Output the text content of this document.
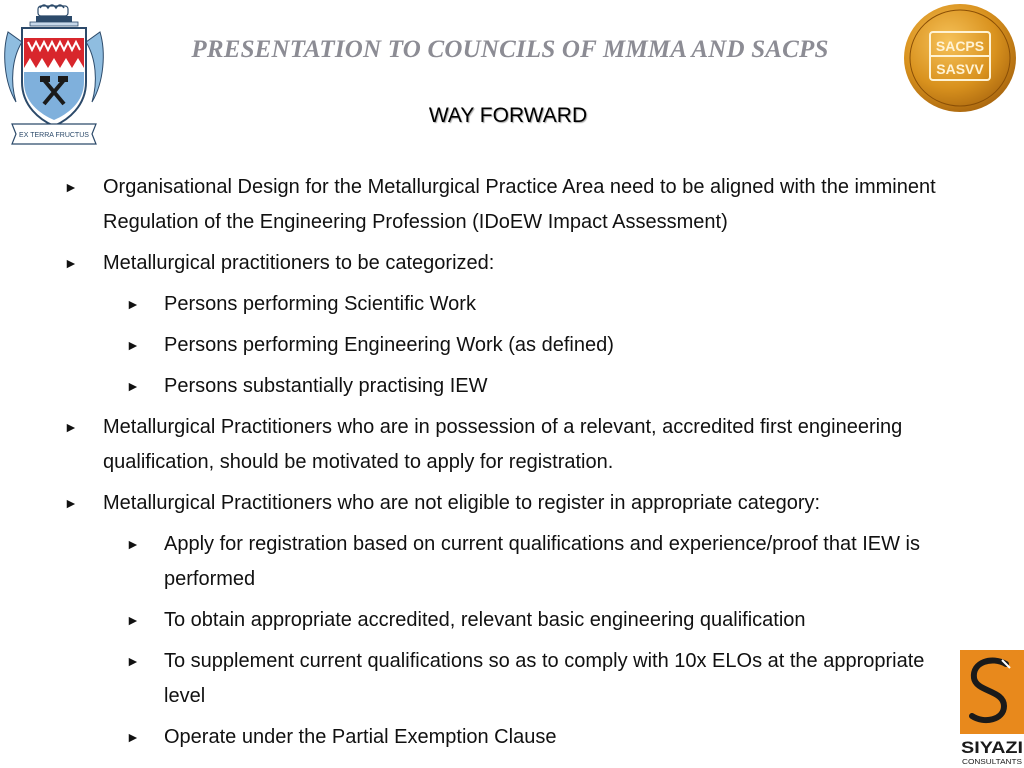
EX TERRA FRUCTUS
PRESENTATION TO COUNCILS OF MMMA AND SACPS	SACPS
SASVV
WAY FORWARD
► Organisational Design for the Metallurgical Practice Area need to be aligned with the imminent Regulation of the Engineering Profession (IDoEW Impact Assessment)
► Metallurgical practitioners to be categorized:
► Persons performing Scientific Work
► Persons performing Engineering Work (as defined)
► Persons substantially practising IEW
► Metallurgical Practitioners who are in possession of a relevant, accredited first engineering qualification, should be motivated to apply for registration.
► Metallurgical Practitioners who are not eligible to register in appropriate category:
► Apply for registration based on current qualifications and experience/proof that IEW is performed
► To obtain appropriate accredited, relevant basic engineering qualification
► To supplement current qualifications so as to comply with 10x ELOs at the appropriate level
► Operate under the Partial Exemption Clause	SIYAZI
CONSULTANTS
